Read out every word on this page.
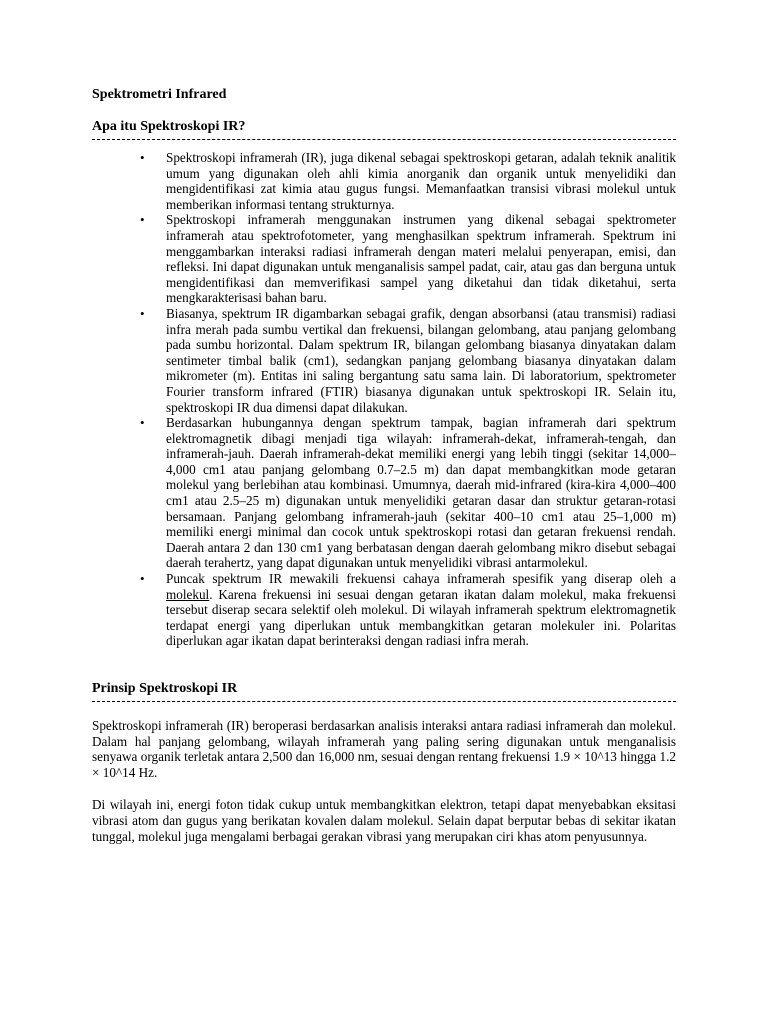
Spektrometri Infrared
Apa itu Spektroskopi IR?
• Spektroskopi inframerah (IR), juga dikenal sebagai spektroskopi getaran, adalah teknik analitik umum yang digunakan oleh ahli kimia anorganik dan organik untuk menyelidiki dan mengidentifikasi zat kimia atau gugus fungsi. Memanfaatkan transisi vibrasi molekul untuk memberikan informasi tentang strukturnya.
• Spektroskopi inframerah menggunakan instrumen yang dikenal sebagai spektrometer inframerah atau spektrofotometer, yang menghasilkan spektrum inframerah. Spektrum ini menggambarkan interaksi radiasi inframerah dengan materi melalui penyerapan, emisi, dan refleksi. Ini dapat digunakan untuk menganalisis sampel padat, cair, atau gas dan berguna untuk mengidentifikasi dan memverifikasi sampel yang diketahui dan tidak diketahui, serta mengkarakterisasi bahan baru.
• Biasanya, spektrum IR digambarkan sebagai grafik, dengan absorbansi (atau transmisi) radiasi infra merah pada sumbu vertikal dan frekuensi, bilangan gelombang, atau panjang gelombang pada sumbu horizontal. Dalam spektrum IR, bilangan gelombang biasanya dinyatakan dalam sentimeter timbal balik (cm1), sedangkan panjang gelombang biasanya dinyatakan dalam mikrometer (m). Entitas ini saling bergantung satu sama lain. Di laboratorium, spektrometer Fourier transform infrared (FTIR) biasanya digunakan untuk spektroskopi IR. Selain itu, spektroskopi IR dua dimensi dapat dilakukan.
• Berdasarkan hubungannya dengan spektrum tampak, bagian inframerah dari spektrum elektromagnetik dibagi menjadi tiga wilayah: inframerah-dekat, inframerah-tengah, dan inframerah-jauh. Daerah inframerah-dekat memiliki energi yang lebih tinggi (sekitar 14,000–4,000 cm1 atau panjang gelombang 0.7–2.5 m) dan dapat membangkitkan mode getaran molekul yang berlebihan atau kombinasi. Umumnya, daerah mid-infrared (kira-kira 4,000–400 cm1 atau 2.5–25 m) digunakan untuk menyelidiki getaran dasar dan struktur getaran-rotasi bersamaan. Panjang gelombang inframerah-jauh (sekitar 400–10 cm1 atau 25–1,000 m) memiliki energi minimal dan cocok untuk spektroskopi rotasi dan getaran frekuensi rendah. Daerah antara 2 dan 130 cm1 yang berbatasan dengan daerah gelombang mikro disebut sebagai daerah terahertz, yang dapat digunakan untuk menyelidiki vibrasi antarmolekul.
• Puncak spektrum IR mewakili frekuensi cahaya inframerah spesifik yang diserap oleh a molekul. Karena frekuensi ini sesuai dengan getaran ikatan dalam molekul, maka frekuensi tersebut diserap secara selektif oleh molekul. Di wilayah inframerah spektrum elektromagnetik terdapat energi yang diperlukan untuk membangkitkan getaran molekuler ini. Polaritas diperlukan agar ikatan dapat berinteraksi dengan radiasi infra merah.
Prinsip Spektroskopi IR

Spektroskopi inframerah (IR) beroperasi berdasarkan analisis interaksi antara radiasi inframerah dan molekul. Dalam hal panjang gelombang, wilayah inframerah yang paling sering digunakan untuk menganalisis senyawa organik terletak antara 2,500 dan 16,000 nm, sesuai dengan rentang frekuensi 1.9 × 10^13 hingga 1.2 × 10^14 Hz.

Di wilayah ini, energi foton tidak cukup untuk membangkitkan elektron, tetapi dapat menyebabkan eksitasi vibrasi atom dan gugus yang berikatan kovalen dalam molekul. Selain dapat berputar bebas di sekitar ikatan tunggal, molekul juga mengalami berbagai gerakan vibrasi yang merupakan ciri khas atom penyusunnya.
